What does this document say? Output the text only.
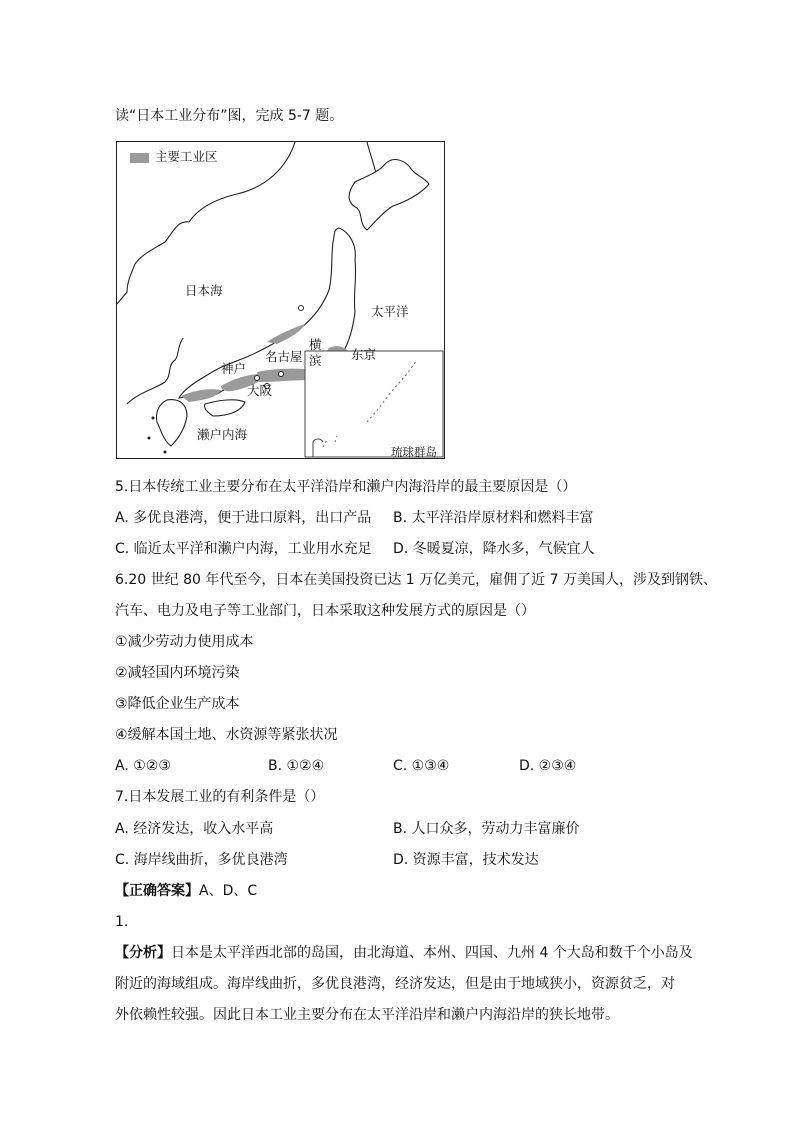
读“日本工业分布”图，完成 5-7 题。
主要工业区
日本海
太平洋
东京
横
滨
名古屋
神户
大阪
濑户内海
琉球群岛
5.日本传统工业主要分布在太平洋沿岸和濑户内海沿岸的最主要原因是（）
A. 多优良港湾，便于进口原料，出口产品 B. 太平洋沿岸原材料和燃料丰富
C. 临近太平洋和濑户内海，工业用水充足 D. 冬暖夏凉，降水多，气候宜人
6.20 世纪 80 年代至今，日本在美国投资已达 1 万亿美元，雇佣了近 7 万美国人，涉及到钢铁、
汽车、电力及电子等工业部门，日本采取这种发展方式的原因是（）
①减少劳动力使用成本
②减轻国内环境污染
③降低企业生产成本
④缓解本国土地、水资源等紧张状况
A. ①②③	B. ①②④	C. ①③④	D. ②③④
7.日本发展工业的有利条件是（）
A. 经济发达，收入水平高	B. 人口众多，劳动力丰富廉价
C. 海岸线曲折，多优良港湾	D. 资源丰富，技术发达
【正确答案】A、D、C
1.
【分析】日本是太平洋西北部的岛国，由北海道、本州、四国、九州 4 个大岛和数千个小岛及
附近的海域组成。海岸线曲折，多优良港湾，经济发达，但是由于地域狭小，资源贫乏，对
外依赖性较强。因此日本工业主要分布在太平洋沿岸和濑户内海沿岸的狭长地带。
